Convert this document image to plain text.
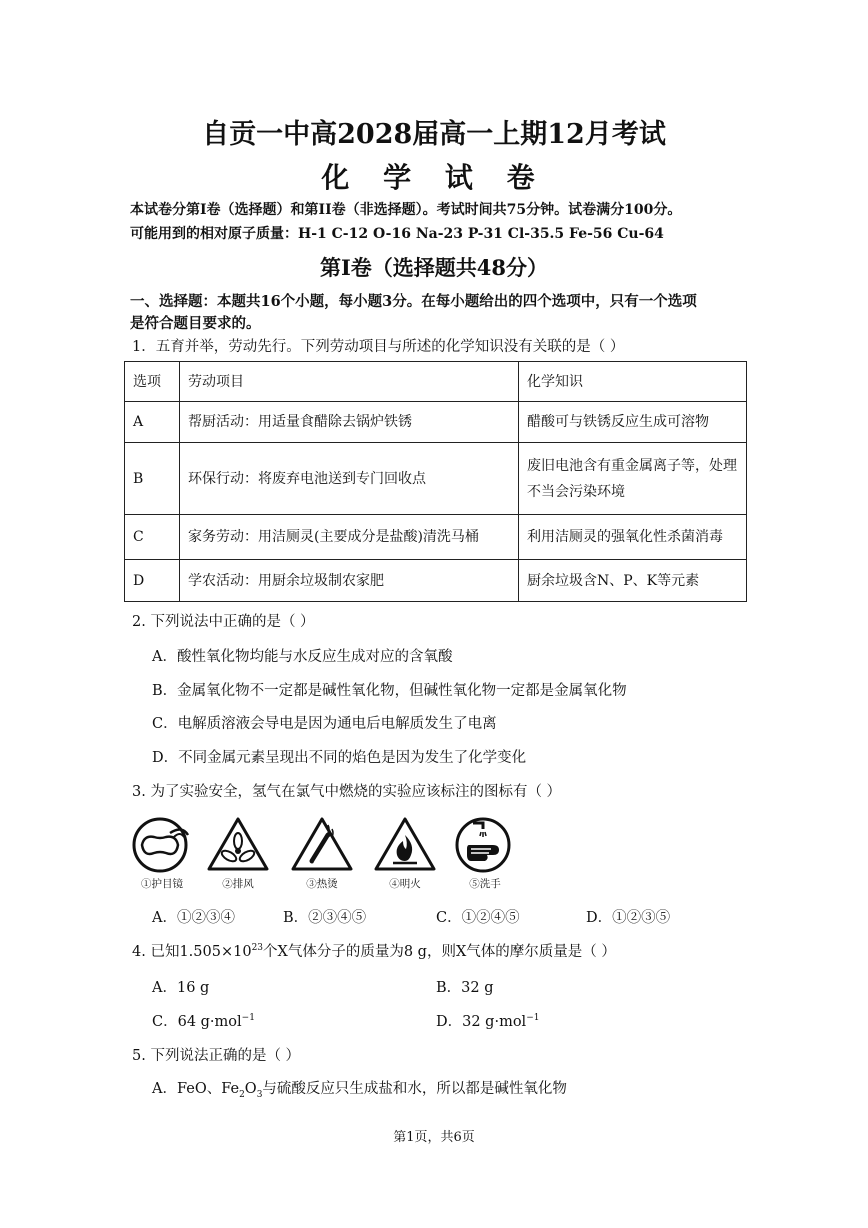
自贡一中高2028届高一上期12月考试
化 学 试 卷
本试卷分第I卷（选择题）和第II卷（非选择题）。考试时间共75分钟。试卷满分100分。
可能用到的相对原子质量：H-1 C-12 O-16 Na-23 P-31 Cl-35.5 Fe-56 Cu-64
第I卷（选择题共48分）
一、选择题：本题共16个小题，每小题3分。在每小题给出的四个选项中，只有一个选项
是符合题目要求的。
1．五育并举，劳动先行。下列劳动项目与所述的化学知识没有关联的是（ ）
选项	劳动项目	化学知识
A	帮厨活动：用适量食醋除去锅炉铁锈	醋酸可与铁锈反应生成可溶物
B	环保行动：将废弃电池送到专门回收点	废旧电池含有重金属离子等，处理不当会污染环境
C	家务劳动：用洁厕灵(主要成分是盐酸)清洗马桶	利用洁厕灵的强氧化性杀菌消毒
D	学农活动：用厨余垃圾制农家肥	厨余垃圾含N、P、K等元素
2. 下列说法中正确的是（ ）
A．酸性氧化物均能与水反应生成对应的含氧酸
B．金属氧化物不一定都是碱性氧化物，但碱性氧化物一定都是金属氧化物
C．电解质溶液会导电是因为通电后电解质发生了电离
D．不同金属元素呈现出不同的焰色是因为发生了化学变化
3. 为了实验安全，氢气在氯气中燃烧的实验应该标注的图标有（ ）
①护目镜	②排风	③热烫	④明火	⑤洗手
A．①②③④	B．②③④⑤	C．①②④⑤	D．①②③⑤
4. 已知$1.505\times 10^{23}$个X气体分子的质量为8 g，则X气体的摩尔质量是（ ）
A．16 g	B．32 g
C．64 g·mol$^{-1}$	D．32 g·mol$^{-1}$
5. 下列说法正确的是（ ）
A．FeO、$Fe_2O_3$与硫酸反应只生成盐和水，所以都是碱性氧化物
第1页，共6页
